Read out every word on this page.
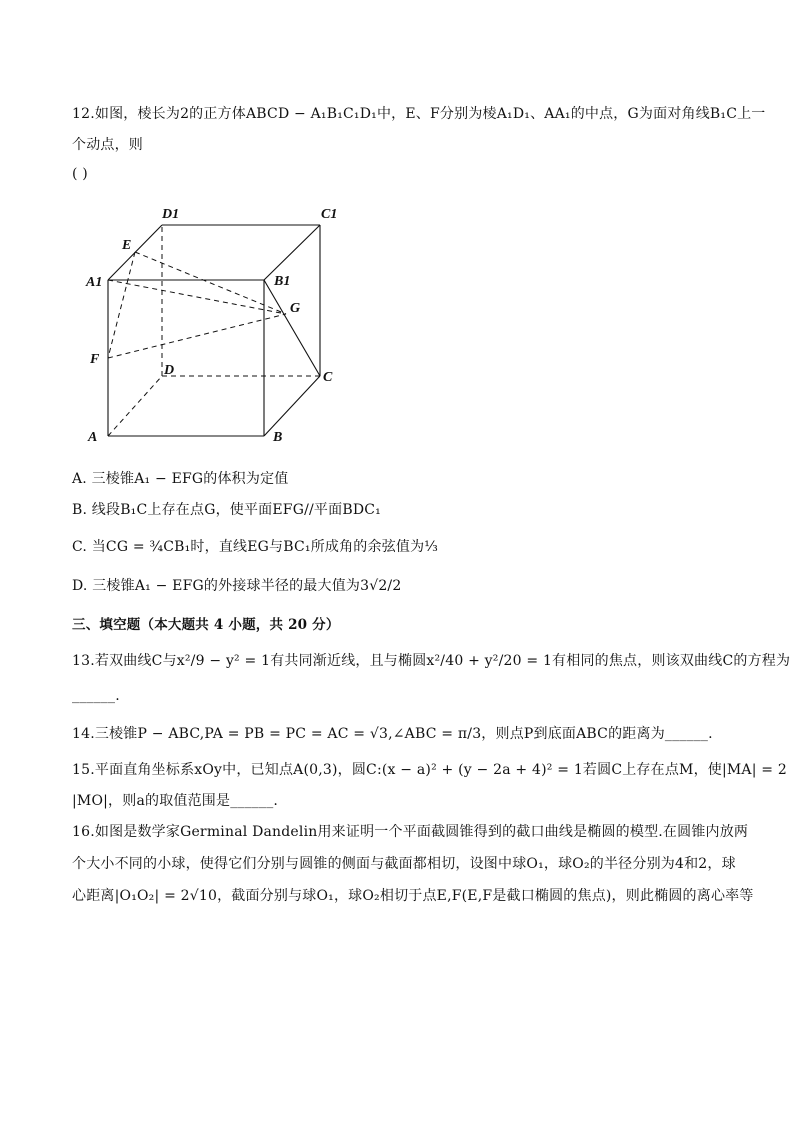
12.如图，棱长为2的正方体ABCD − A₁B₁C₁D₁中，E、F分别为棱A₁D₁、AA₁的中点，G为面对角线B₁C上一
个动点，则
( )
D1	C1
E
A1	B1
G
F
D	C
A	B
A. 三棱锥A₁ − EFG的体积为定值
B. 线段B₁C上存在点G，使平面EFG//平面BDC₁
C. 当CG = ¾CB₁时，直线EG与BC₁所成角的余弦值为⅓
D. 三棱锥A₁ − EFG的外接球半径的最大值为3√2/2
三、填空题（本大题共 4 小题，共 20 分）
13.若双曲线C与x²/9 − y² = 1有共同渐近线，且与椭圆x²/40 + y²/20 = 1有相同的焦点，则该双曲线C的方程为
______.
14.三棱锥P − ABC,PA = PB = PC = AC = √3,∠ABC = π/3，则点P到底面ABC的距离为______.
15.平面直角坐标系xOy中，已知点A(0,3)，圆C:(x − a)² + (y − 2a + 4)² = 1若圆C上存在点M，使|MA| = 2
|MO|，则a的取值范围是______.
16.如图是数学家Germinal Dandelin用来证明一个平面截圆锥得到的截口曲线是椭圆的模型.在圆锥内放两
个大小不同的小球，使得它们分别与圆锥的侧面与截面都相切，设图中球O₁，球O₂的半径分别为4和2，球
心距离|O₁O₂| = 2√10，截面分别与球O₁，球O₂相切于点E,F(E,F是截口椭圆的焦点)，则此椭圆的离心率等
